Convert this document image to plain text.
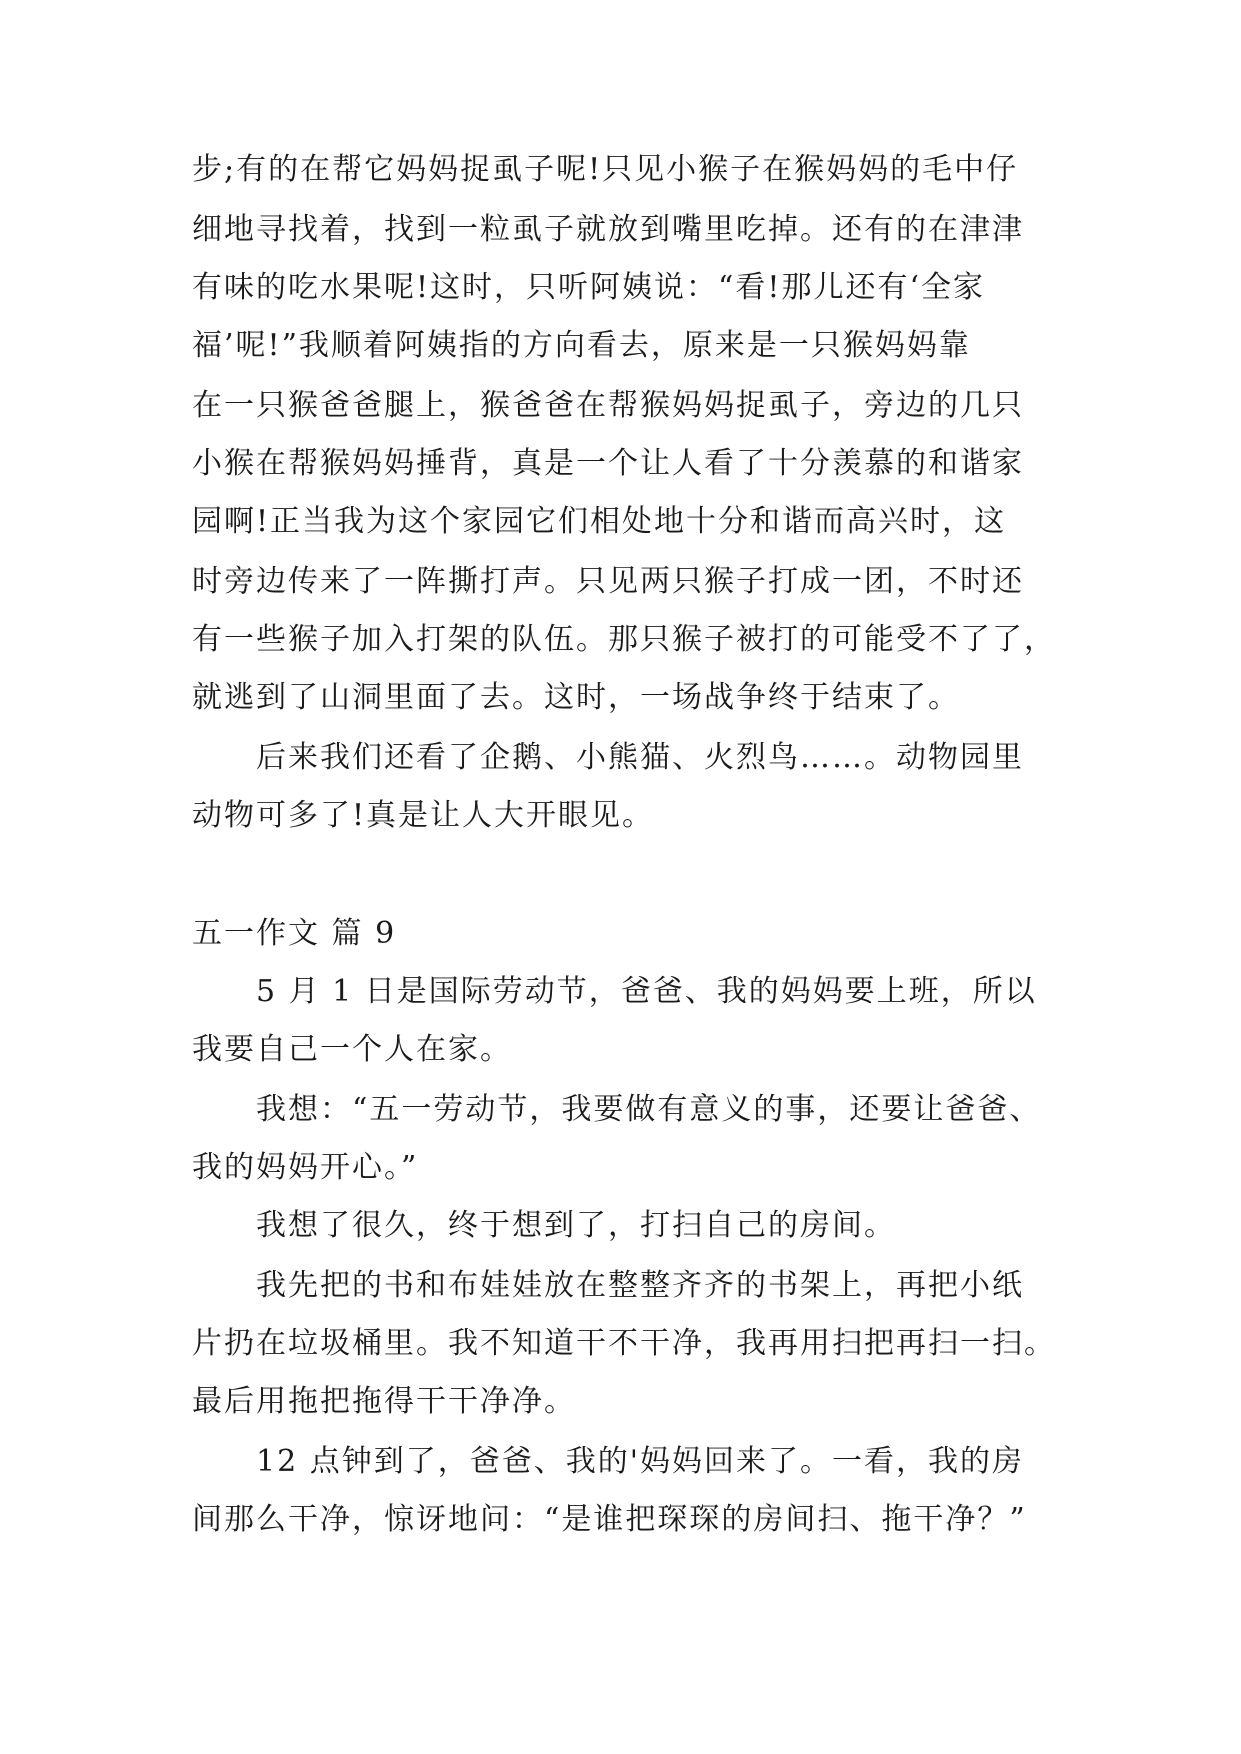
步;有的在帮它妈妈捉虱子呢!只见小猴子在猴妈妈的毛中仔
细地寻找着，找到一粒虱子就放到嘴里吃掉。还有的在津津
有味的吃水果呢!这时，只听阿姨说：“看!那儿还有‘全家
福’呢!”我顺着阿姨指的方向看去，原来是一只猴妈妈靠
在一只猴爸爸腿上，猴爸爸在帮猴妈妈捉虱子，旁边的几只
小猴在帮猴妈妈捶背，真是一个让人看了十分羡慕的和谐家
园啊!正当我为这个家园它们相处地十分和谐而高兴时，这
时旁边传来了一阵撕打声。只见两只猴子打成一团，不时还
有一些猴子加入打架的队伍。那只猴子被打的可能受不了了，
就逃到了山洞里面了去。这时，一场战争终于结束了。
后来我们还看了企鹅、小熊猫、火烈鸟……。动物园里
动物可多了!真是让人大开眼见。
五一作文 篇 9
5 月 1 日是国际劳动节，爸爸、我的妈妈要上班，所以
我要自己一个人在家。
我想：“五一劳动节，我要做有意义的事，还要让爸爸、
我的妈妈开心。”
我想了很久，终于想到了，打扫自己的房间。
我先把的书和布娃娃放在整整齐齐的书架上，再把小纸
片扔在垃圾桶里。我不知道干不干净，我再用扫把再扫一扫。
最后用拖把拖得干干净净。
12 点钟到了，爸爸、我的'妈妈回来了。一看，我的房
间那么干净，惊讶地问：“是谁把琛琛的房间扫、拖干净？”
